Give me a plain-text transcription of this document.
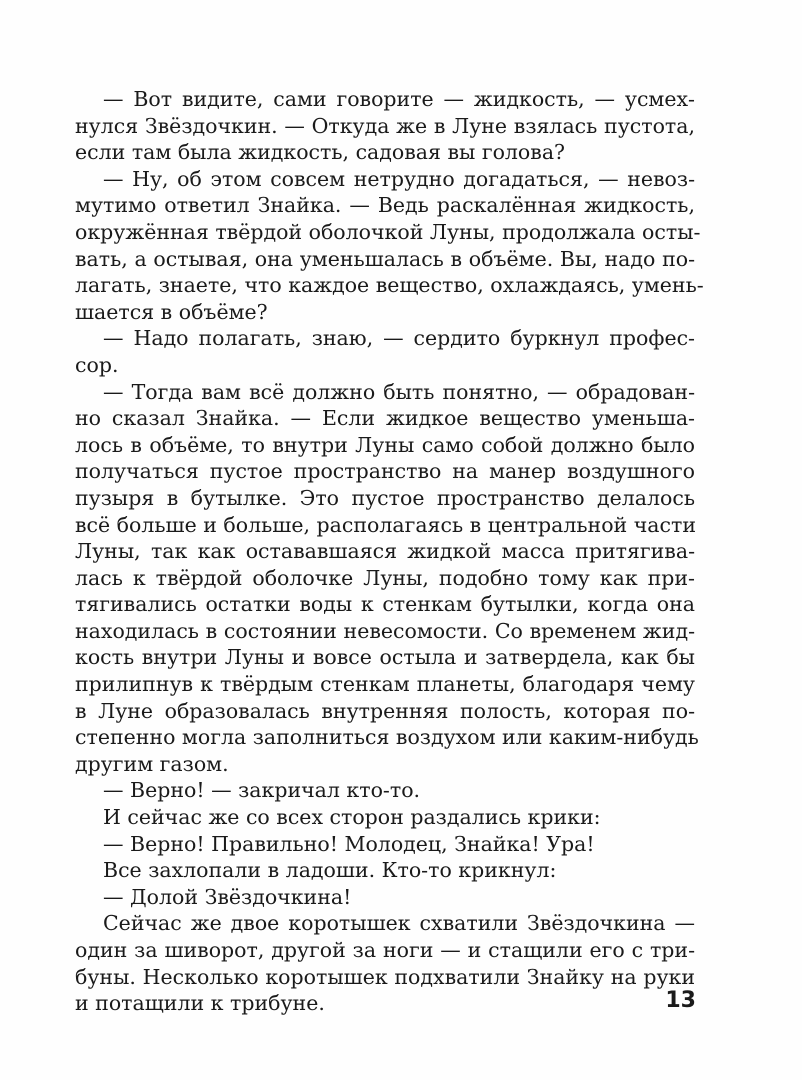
— Вот видите, сами говорите — жидкость, — усмех-
нулся Звёздочкин. — Откуда же в Луне взялась пустота,
если там была жидкость, садовая вы голова?
— Ну, об этом совсем нетрудно догадаться, — невоз-
мутимо ответил Знайка. — Ведь раскалённая жидкость,
окружённая твёрдой оболочкой Луны, продолжала осты-
вать, а остывая, она уменьшалась в объёме. Вы, надо по-
лагать, знаете, что каждое вещество, охлаждаясь, умень-
шается в объёме?
— Надо полагать, знаю, — сердито буркнул профес-
сор.
— Тогда вам всё должно быть понятно, — обрадован-
но сказал Знайка. — Если жидкое вещество уменьша-
лось в объёме, то внутри Луны само собой должно было
получаться пустое пространство на манер воздушного
пузыря в бутылке. Это пустое пространство делалось
всё больше и больше, располагаясь в центральной части
Луны, так как остававшаяся жидкой масса притягива-
лась к твёрдой оболочке Луны, подобно тому как при-
тягивались остатки воды к стенкам бутылки, когда она
находилась в состоянии невесомости. Со временем жид-
кость внутри Луны и вовсе остыла и затвердела, как бы
прилипнув к твёрдым стенкам планеты, благодаря чему
в Луне образовалась внутренняя полость, которая по-
степенно могла заполниться воздухом или каким-нибудь
другим газом.
— Верно! — закричал кто-то.
И сейчас же со всех сторон раздались крики:
— Верно! Правильно! Молодец, Знайка! Ура!
Все захлопали в ладоши. Кто-то крикнул:
— Долой Звёздочкина!
Сейчас же двое коротышек схватили Звёздочкина —
один за шиворот, другой за ноги — и стащили его с три-
буны. Несколько коротышек подхватили Знайку на руки
и потащили к трибуне.	13
